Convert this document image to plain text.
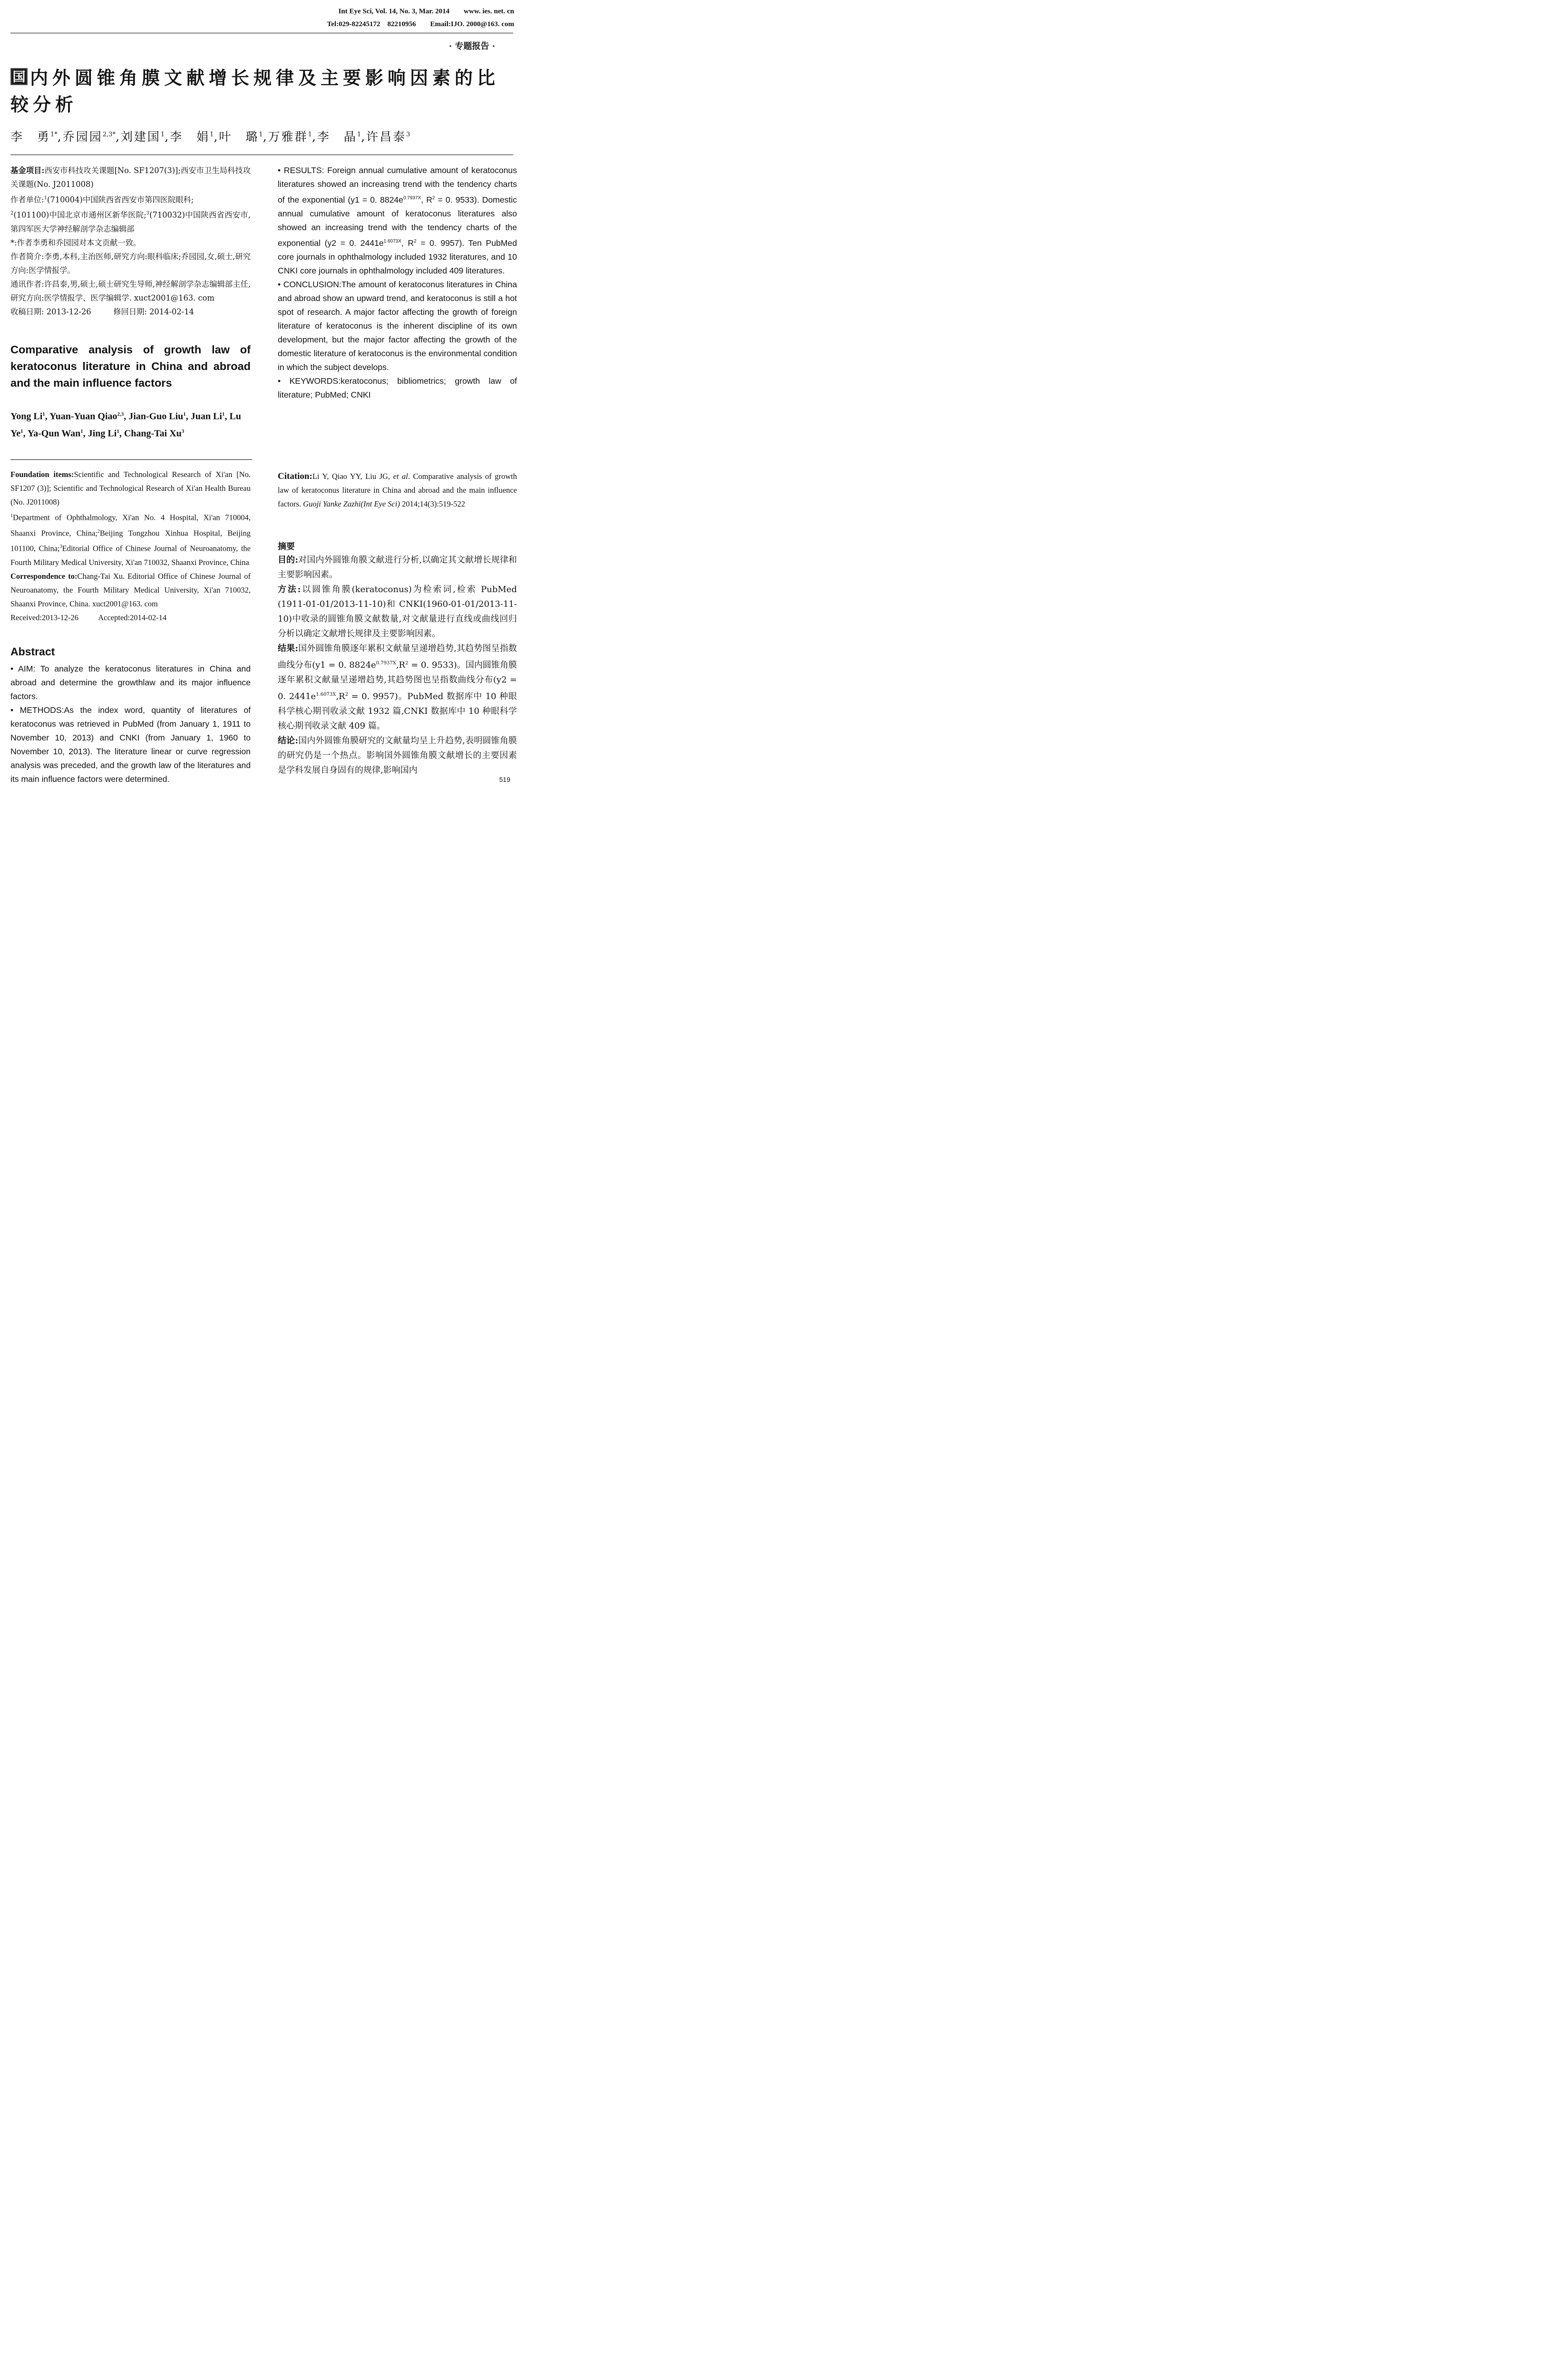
Int Eye Sci, Vol. 14, No. 3, Mar. 2014        www. ies. net. cn
Tel:029-82245172    82210956        Email:IJO. 2000@163. com
· 专题报告 ·
国 内外圆锥角膜文献增长规律及主要影响因素的比较分析
李　勇$^{1*}$,乔园园$^{2,3*}$,刘建国$^1$,李　娟$^1$,叶　璐$^1$,万雅群$^1$,李　晶$^1$,许昌泰$^3$

基金项目:西安市科技攻关课题[No. SF1207(3)];西安市卫生局科技攻关课题(No. J2011008)

作者单位:$^1$(710004)中国陕西省西安市第四医院眼科;
$^2$(101100)中国北京市通州区新华医院;$^3$(710032)中国陕西省西安市,第四军医大学神经解剖学杂志编辑部

*:作者李勇和乔园园对本文贡献一致。

作者简介:李勇,本科,主治医师,研究方向:眼科临床;乔园园,女,硕士,研究方向:医学情报学。

通讯作者:许昌泰,男,硕士,硕士研究生导师,神经解剖学杂志编辑部主任,研究方向:医学情报学、医学编辑学. xuct2001@163. com

收稿日期: 2013-12-26	修回日期: 2014-02-14

Comparative analysis of growth law of keratoconus literature in China and abroad and the main influence factors
Yong Li$^1$, Yuan-Yuan Qiao$^{2,3}$, Jian-Guo Liu$^1$, Juan Li$^1$, Lu Ye$^1$, Ya-Qun Wan$^1$, Jing Li$^1$, Chang-Tai Xu$^3$

Foundation items:Scientific and Technological Research of Xi'an [No. SF1207 (3)]; Scientific and Technological Research of Xi'an Health Bureau (No. J2011008)

$^1$Department of Ophthalmology, Xi'an No. 4 Hospital, Xi'an 710004, Shaanxi Province, China;$^2$Beijing Tongzhou Xinhua Hospital, Beijing 101100, China;$^3$Editorial Office of Chinese Journal of Neuroanatomy, the Fourth Military Medical University, Xi'an 710032, Shaanxi Province, China

Correspondence to:Chang-Tai Xu. Editorial Office of Chinese Journal of Neuroanatomy, the Fourth Military Medical University, Xi'an 710032, Shaanxi Province, China. xuct2001@163. com

Received:2013-12-26	Accepted:2014-02-14

Abstract

• AIM: To analyze the keratoconus literatures in China and abroad and determine the growthlaw and its major influence factors.

• METHODS:As the index word, quantity of literatures of keratoconus was retrieved in PubMed (from January 1, 1911 to November 10, 2013) and CNKI (from January 1, 1960 to November 10, 2013). The literature linear or curve regression analysis was preceded, and the growth law of the literatures and its main influence factors were determined.

• RESULTS: Foreign annual cumulative amount of keratoconus literatures showed an increasing trend with the tendency charts of the exponential (y1 = 0. $8824e^{0.7937X}$, $R^2 = 0$. 9533). Domestic annual cumulative amount of keratoconus literatures also showed an increasing trend with the tendency charts of the exponential (y2 = 0. $2441e^{1.6073X}$, $R^2 = 0$. 9957). Ten PubMed core journals in ophthalmology included 1932 literatures, and 10 CNKI core journals in ophthalmology included 409 literatures.

• CONCLUSION:The amount of keratoconus literatures in China and abroad show an upward trend, and keratoconus is still a hot spot of research. A major factor affecting the growth of foreign literature of keratoconus is the inherent discipline of its own development, but the major factor affecting the growth of the domestic literature of keratoconus is the environmental condition in which the subject develops.

• KEYWORDS:keratoconus; bibliometrics; growth law of literature; PubMed; CNKI

Citation:Li Y, Qiao YY, Liu JG, et al. Comparative analysis of growth law of keratoconus literature in China and abroad and the main influence factors. Guoji Yanke Zazhi(Int Eye Sci) 2014;14(3):519-522

摘要

目的:对国内外圆锥角膜文献进行分析,以确定其文献增长规律和主要影响因素。

方法:以圆锥角膜(keratoconus)为检索词,检索 PubMed (1911-01-01/2013-11-10)和 CNKI(1960-01-01/2013-11-10)中收录的圆锥角膜文献数量,对文献量进行直线或曲线回归分析以确定文献增长规律及主要影响因素。

结果:国外圆锥角膜逐年累积文献量呈递增趋势,其趋势图呈指数曲线分布(y1 = 0. $8824e^{0.7937X},R^2 = 0$. 9533)。国内圆锥角膜逐年累积文献量呈递增趋势,其趋势图也呈指数曲线分布(y2 = 0. $2441e^{1.6073X},R^2 = 0$. 9957)。PubMed 数据库中 10 种眼科学核心期刊收录文献 1932 篇,CNKI 数据库中 10 种眼科学核心期刊收录文献 409 篇。

结论:国内外圆锥角膜研究的文献量均呈上升趋势,表明圆锥角膜的研究仍是一个热点。影响国外圆锥角膜文献增长的主要因素是学科发展自身固有的规律,影响国内

519
